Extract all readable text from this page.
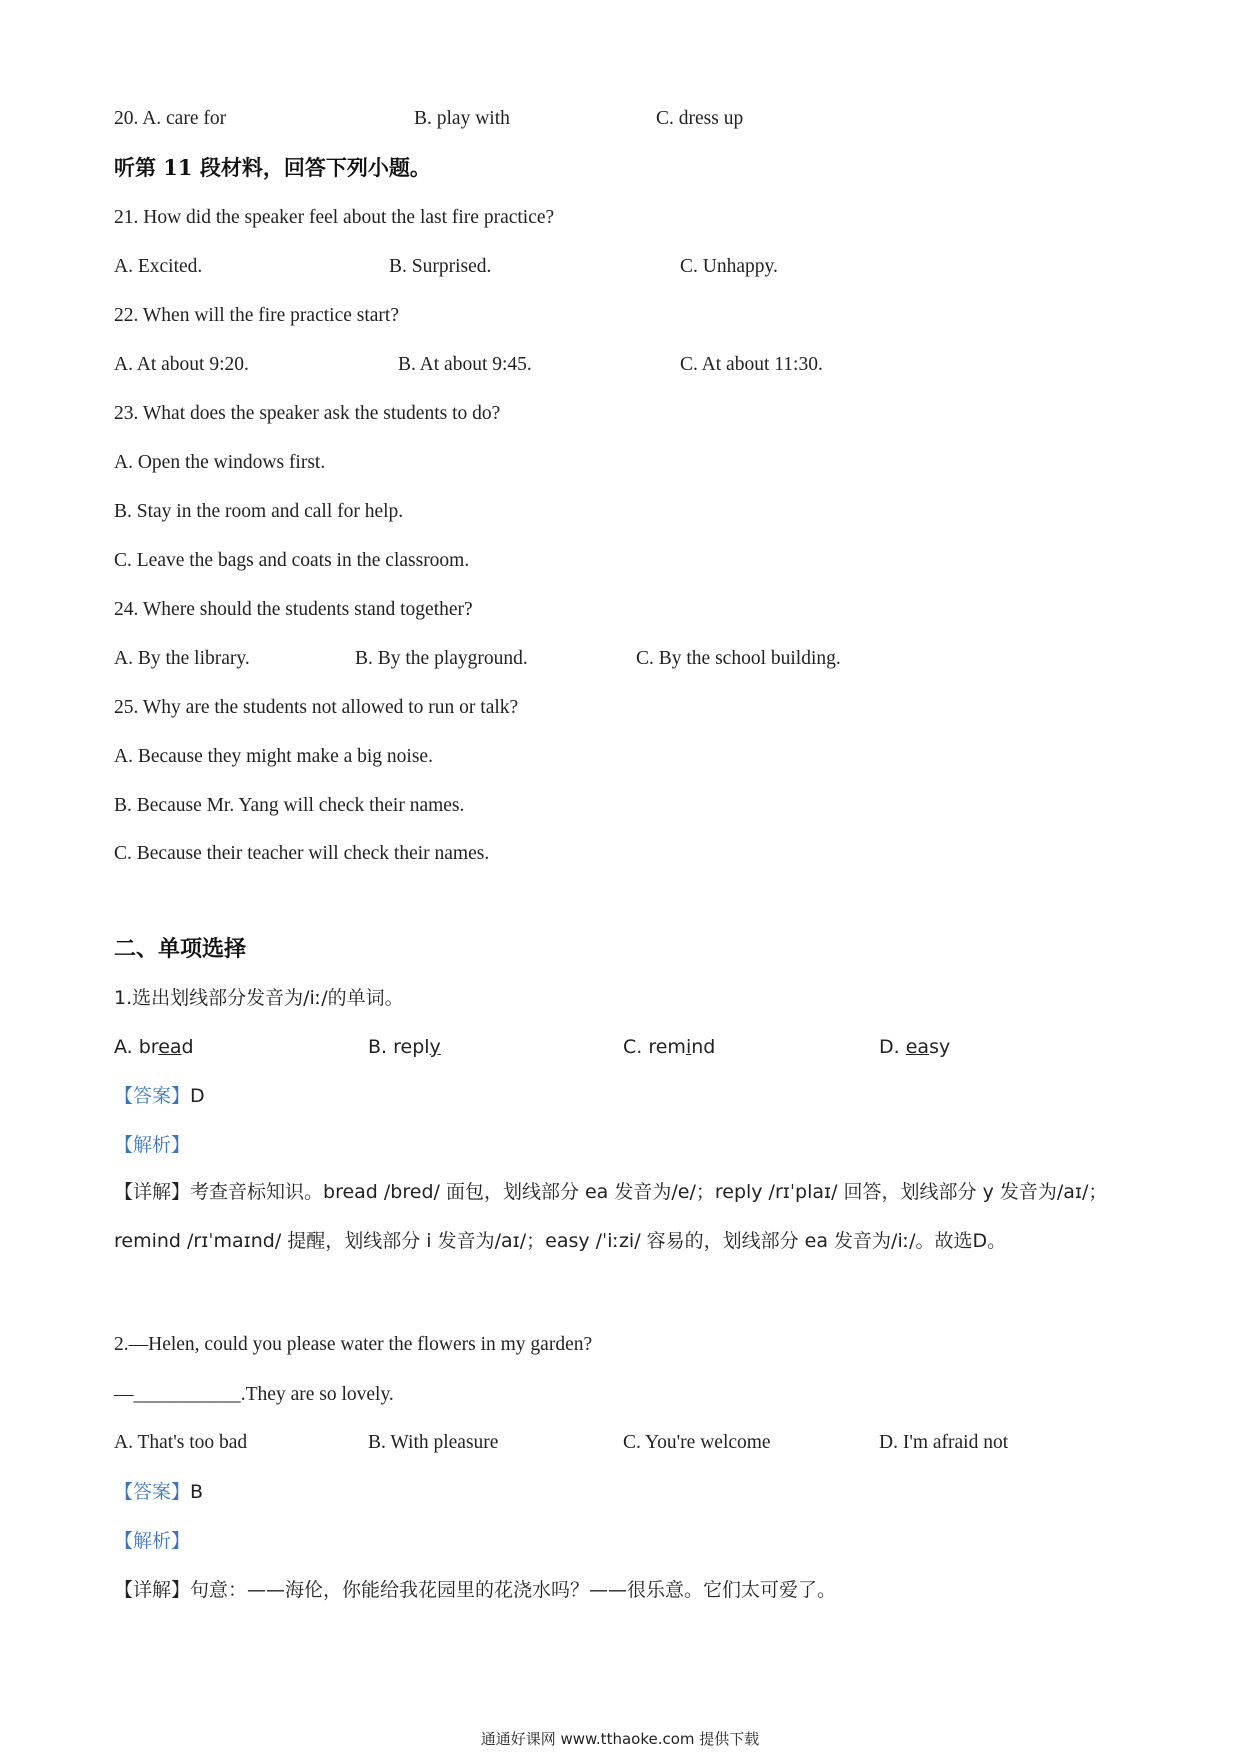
20. A. care for	B. play with	C. dress up
听第 11 段材料，回答下列小题。
21. How did the speaker feel about the last fire practice?
A. Excited.	B. Surprised.	C. Unhappy.
22. When will the fire practice start?
A. At about 9:20.	B. At about 9:45.	C. At about 11:30.
23. What does the speaker ask the students to do?
A. Open the windows first.
B. Stay in the room and call for help.
C. Leave the bags and coats in the classroom.
24. Where should the students stand together?
A. By the library.	B. By the playground.	C. By the school building.
25. Why are the students not allowed to run or talk?
A. Because they might make a big noise.
B. Because Mr. Yang will check their names.
C. Because their teacher will check their names.
二、单项选择
1.选出划线部分发音为/iː/的单词。
A. bread	B. reply	C. remind	D. easy
【答案】D
【解析】
【详解】考查音标知识。bread /bred/ 面包，划线部分 ea 发音为/e/；reply /rɪˈplaɪ/ 回答，划线部分 y 发音为/aɪ/；remind /rɪˈmaɪnd/ 提醒，划线部分 i 发音为/aɪ/；easy /ˈiːzi/ 容易的，划线部分 ea 发音为/iː/。故选D。
2.—Helen, could you please water the flowers in my garden?
—___________.They are so lovely.
A. That's too bad	B. With pleasure	C. You're welcome	D. I'm afraid not
【答案】B
【解析】
【详解】句意：——海伦，你能给我花园里的花浇水吗？——很乐意。它们太可爱了。
通通好课网 www.tthaoke.com 提供下载
